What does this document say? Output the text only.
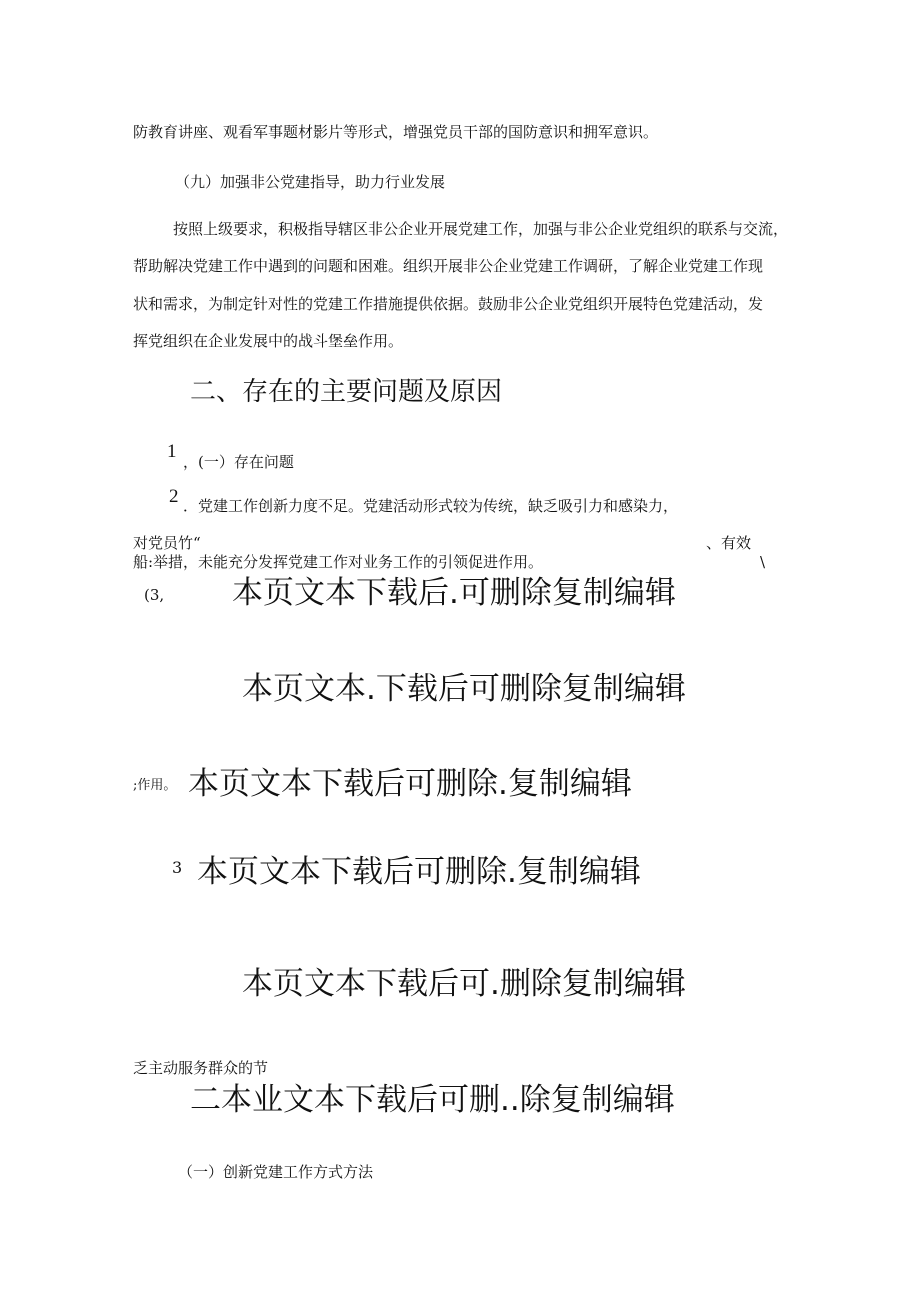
防教育讲座、观看军事题材影片等形式，增强党员干部的国防意识和拥军意识。
（九）加强非公党建指导，助力行业发展
按照上级要求，积极指导辖区非公企业开展党建工作，加强与非公企业党组织的联系与交流，
帮助解决党建工作中遇到的问题和困难。组织开展非公企业党建工作调研，了解企业党建工作现
状和需求，为制定针对性的党建工作措施提供依据。鼓励非公企业党组织开展特色党建活动，发
挥党组织在企业发展中的战斗堡垒作用。
二、存在的主要问题及原因
1 ，(一）存在问题
2 ．党建工作创新力度不足。党建活动形式较为传统，缺乏吸引力和感染力，
对党员竹“	、有效
船:举措，未能充分发挥党建工作对业务工作的引领促进作用。	\
(3, 本页文本下载后.可删除复制编辑
本页文本.下载后可删除复制编辑
;作用。 本页文本下载后可删除.复制编辑
3 本页文本下载后可删除.复制编辑
本页文本下载后可.删除复制编辑
乏主动服务群众的节
二本业文本下载后可删..除复制编辑
（一）创新党建工作方式方法
